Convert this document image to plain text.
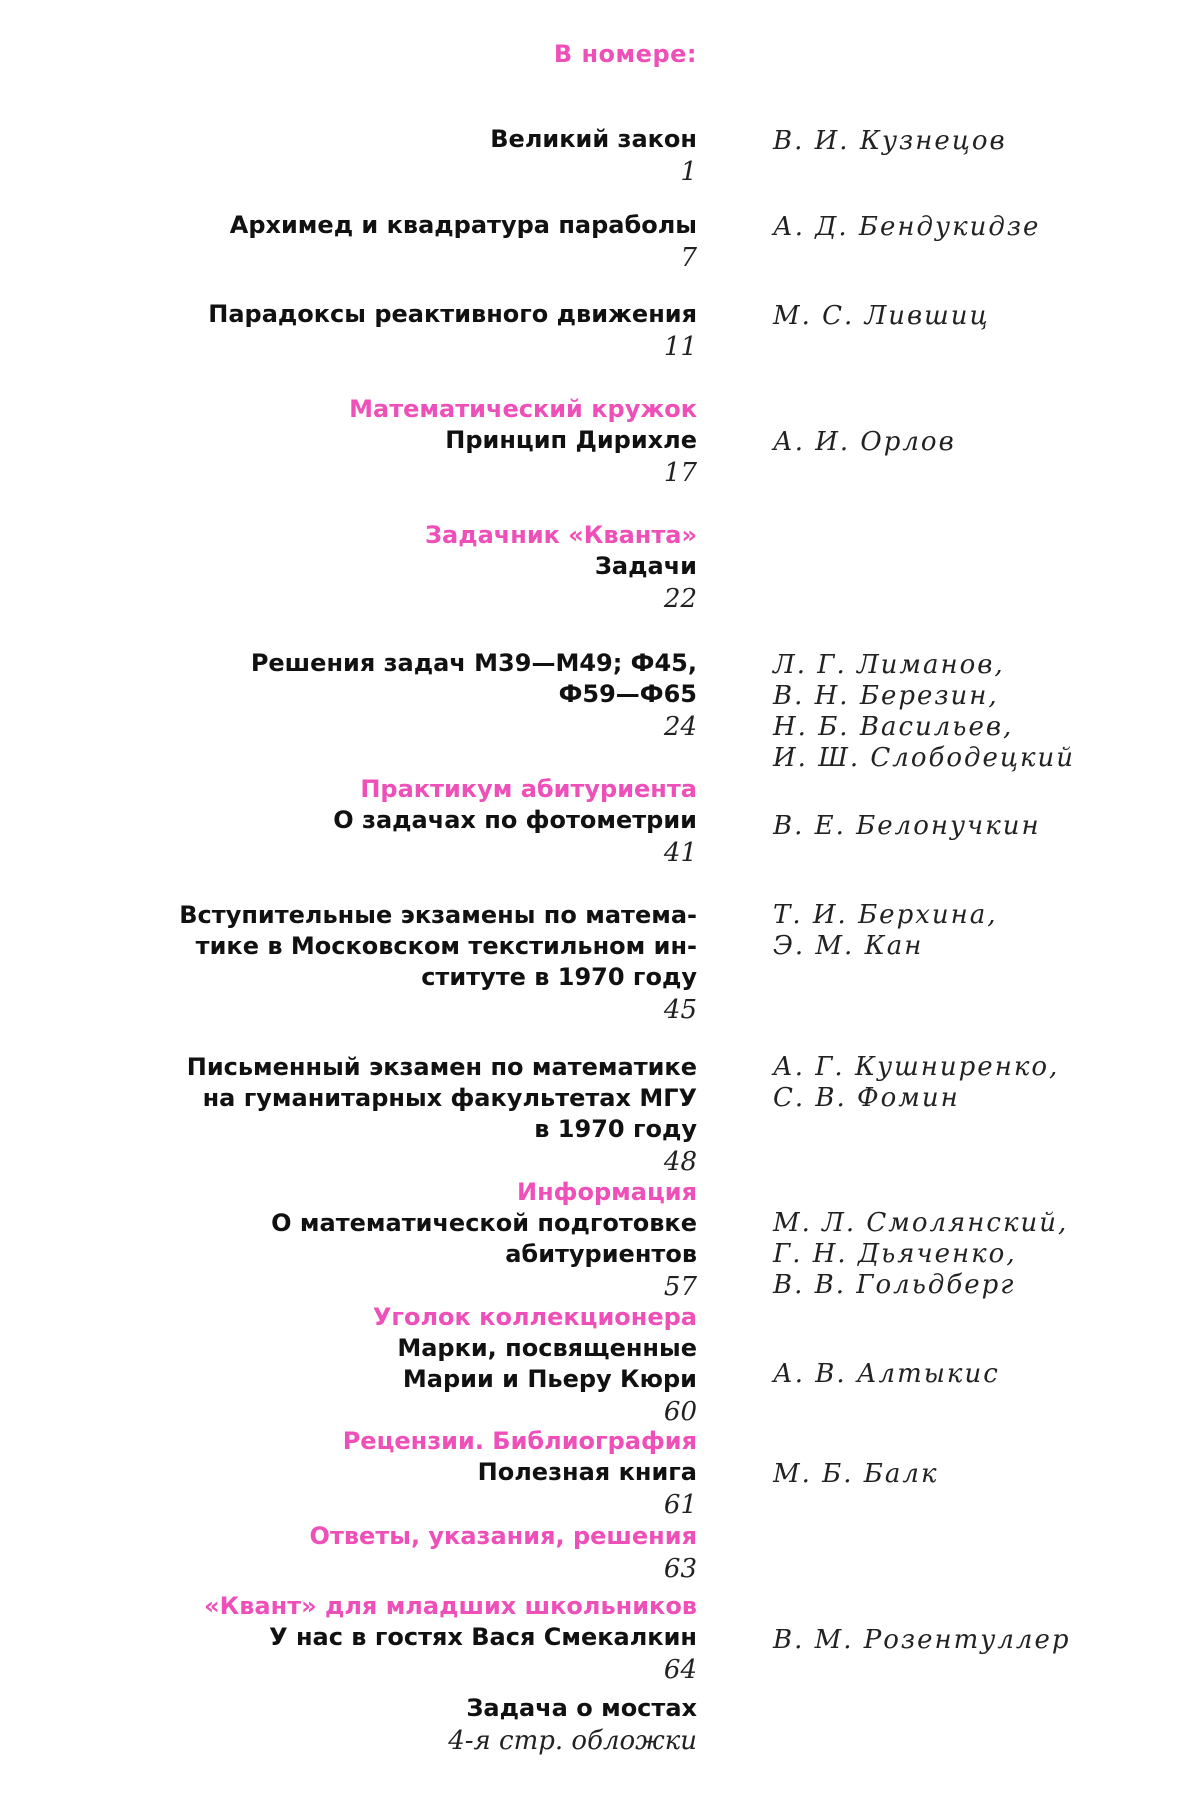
В номере:
Великий закон
1
В. И. Кузнецов
Архимед и квадратура параболы
7
А. Д. Бендукидзе
Парадоксы реактивного движения
11
М. С. Лившиц
Математический кружок
Принцип Дирихле
17
А. И. Орлов
Задачник «Кванта»
Задачи
22
Решения задач М39—М49; Ф45,
Ф59—Ф65
24
Л. Г. Лиманов,
В. Н. Березин,
Н. Б. Васильев,
И. Ш. Слободецкий
Практикум абитуриента
О задачах по фотометрии
41
В. Е. Белонучкин
Вступительные экзамены по матема-
тике в Московском текстильном ин-
ституте в 1970 году
45
Т. И. Берхина,
Э. М. Кан
Письменный экзамен по математике
на гуманитарных факультетах МГУ
в 1970 году
48
А. Г. Кушниренко,
С. В. Фомин
Информация
О математической подготовке
абитуриентов
57
М. Л. Смолянский,
Г. Н. Дьяченко,
В. В. Гольдберг
Уголок коллекционера
Марки, посвященные
Марии и Пьеру Кюри
60
А. В. Алтыкис
Рецензии. Библиография
Полезная книга
61
М. Б. Балк
Ответы, указания, решения
63
«Квант» для младших школьников
У нас в гостях Вася Смекалкин
64
В. М. Розентуллер
Задача о мостах
4-я стр. обложки
